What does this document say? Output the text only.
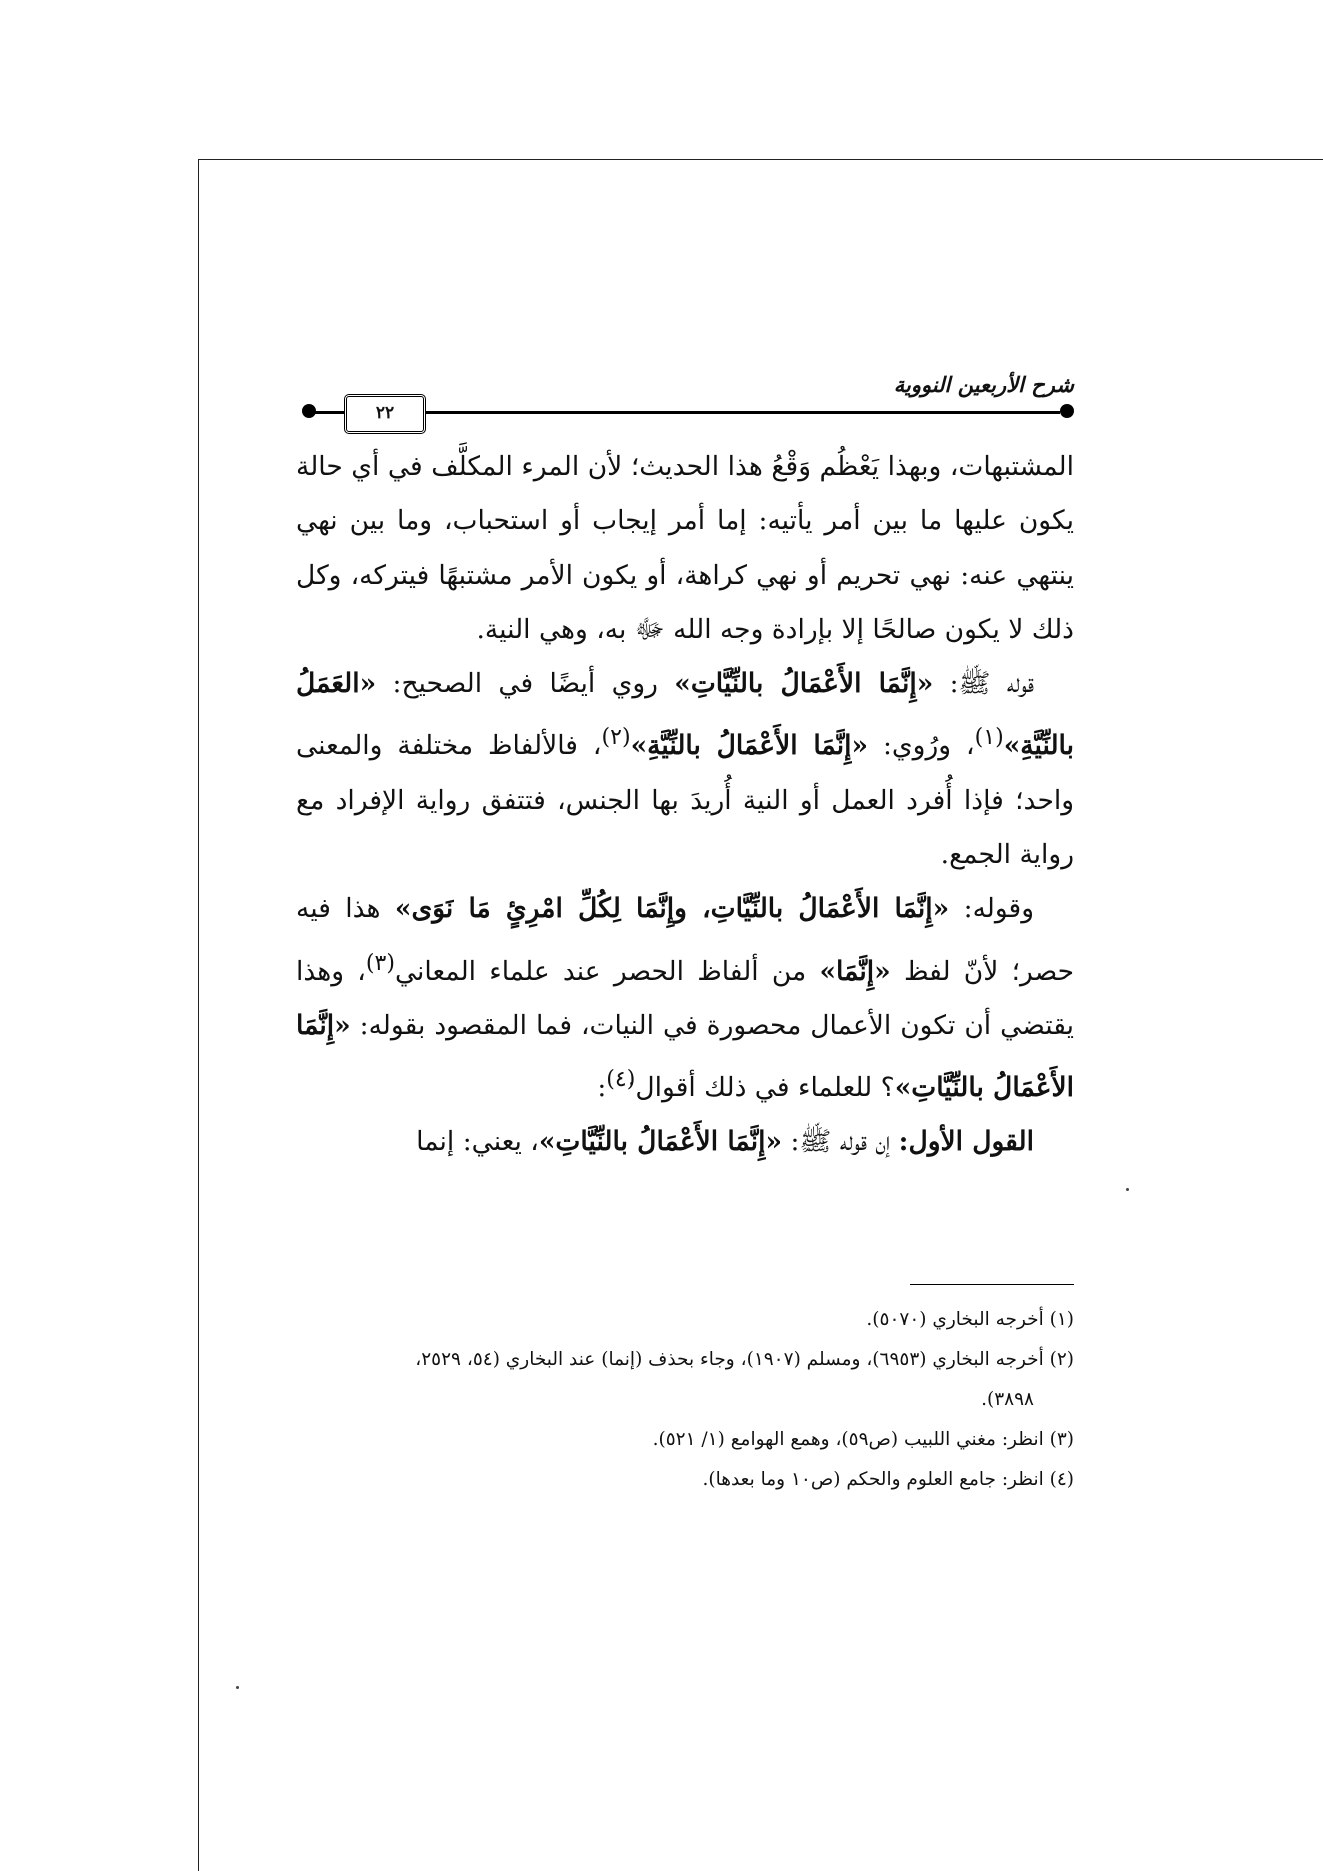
شرح الأربعين النووية
٢٢

المشتبهات، وبهذا يَعْظُم وَقْعُ هذا الحديث؛ لأن المرء المكلَّف في أي حالة يكون عليها ما بين أمر يأتيه: إما أمر إيجاب أو استحباب، وما بين نهي ينتهي عنه: نهي تحريم أو نهي كراهة، أو يكون الأمر مشتبهًا فيتركه، وكل ذلك لا يكون صالحًا إلا بإرادة وجه الله ﷻ به، وهي النية.

قوله ﷺ: «إِنَّمَا الأَعْمَالُ بالنِّيَّاتِ» روي أيضًا في الصحيح: «العَمَلُ بالنِّيَّةِ»$^{(١)}$، ورُوي: «إِنَّمَا الأَعْمَالُ بالنِّيَّةِ»$^{(٢)}$، فالألفاظ مختلفة والمعنى واحد؛ فإذا أُفرد العمل أو النية أُريدَ بها الجنس، فتتفق رواية الإفراد مع رواية الجمع.

وقوله: «إِنَّمَا الأَعْمَالُ بالنِّيَّاتِ، وإِنَّمَا لِكُلِّ امْرِئٍ مَا نَوَى» هذا فيه حصر؛ لأنّ لفظ «إِنَّمَا» من ألفاظ الحصر عند علماء المعاني$^{(٣)}$، وهذا يقتضي أن تكون الأعمال محصورة في النيات، فما المقصود بقوله: «إِنَّمَا الأَعْمَالُ بالنِّيَّاتِ»؟ للعلماء في ذلك أقوال$^{(٤)}$:

القول الأول: إن قوله ﷺ: «إِنَّمَا الأَعْمَالُ بالنِّيَّاتِ»، يعني: إنما

(١) أخرجه البخاري (٥٠٧٠).

(٢) أخرجه البخاري (٦٩٥٣)، ومسلم (١٩٠٧)، وجاء بحذف (إنما) عند البخاري (٥٤، ٢٥٢٩،

٣٨٩٨).

(٣) انظر: مغني اللبيب (ص٥٩)، وهمع الهوامع (١/ ٥٢١).

(٤) انظر: جامع العلوم والحكم (ص١٠ وما بعدها).
